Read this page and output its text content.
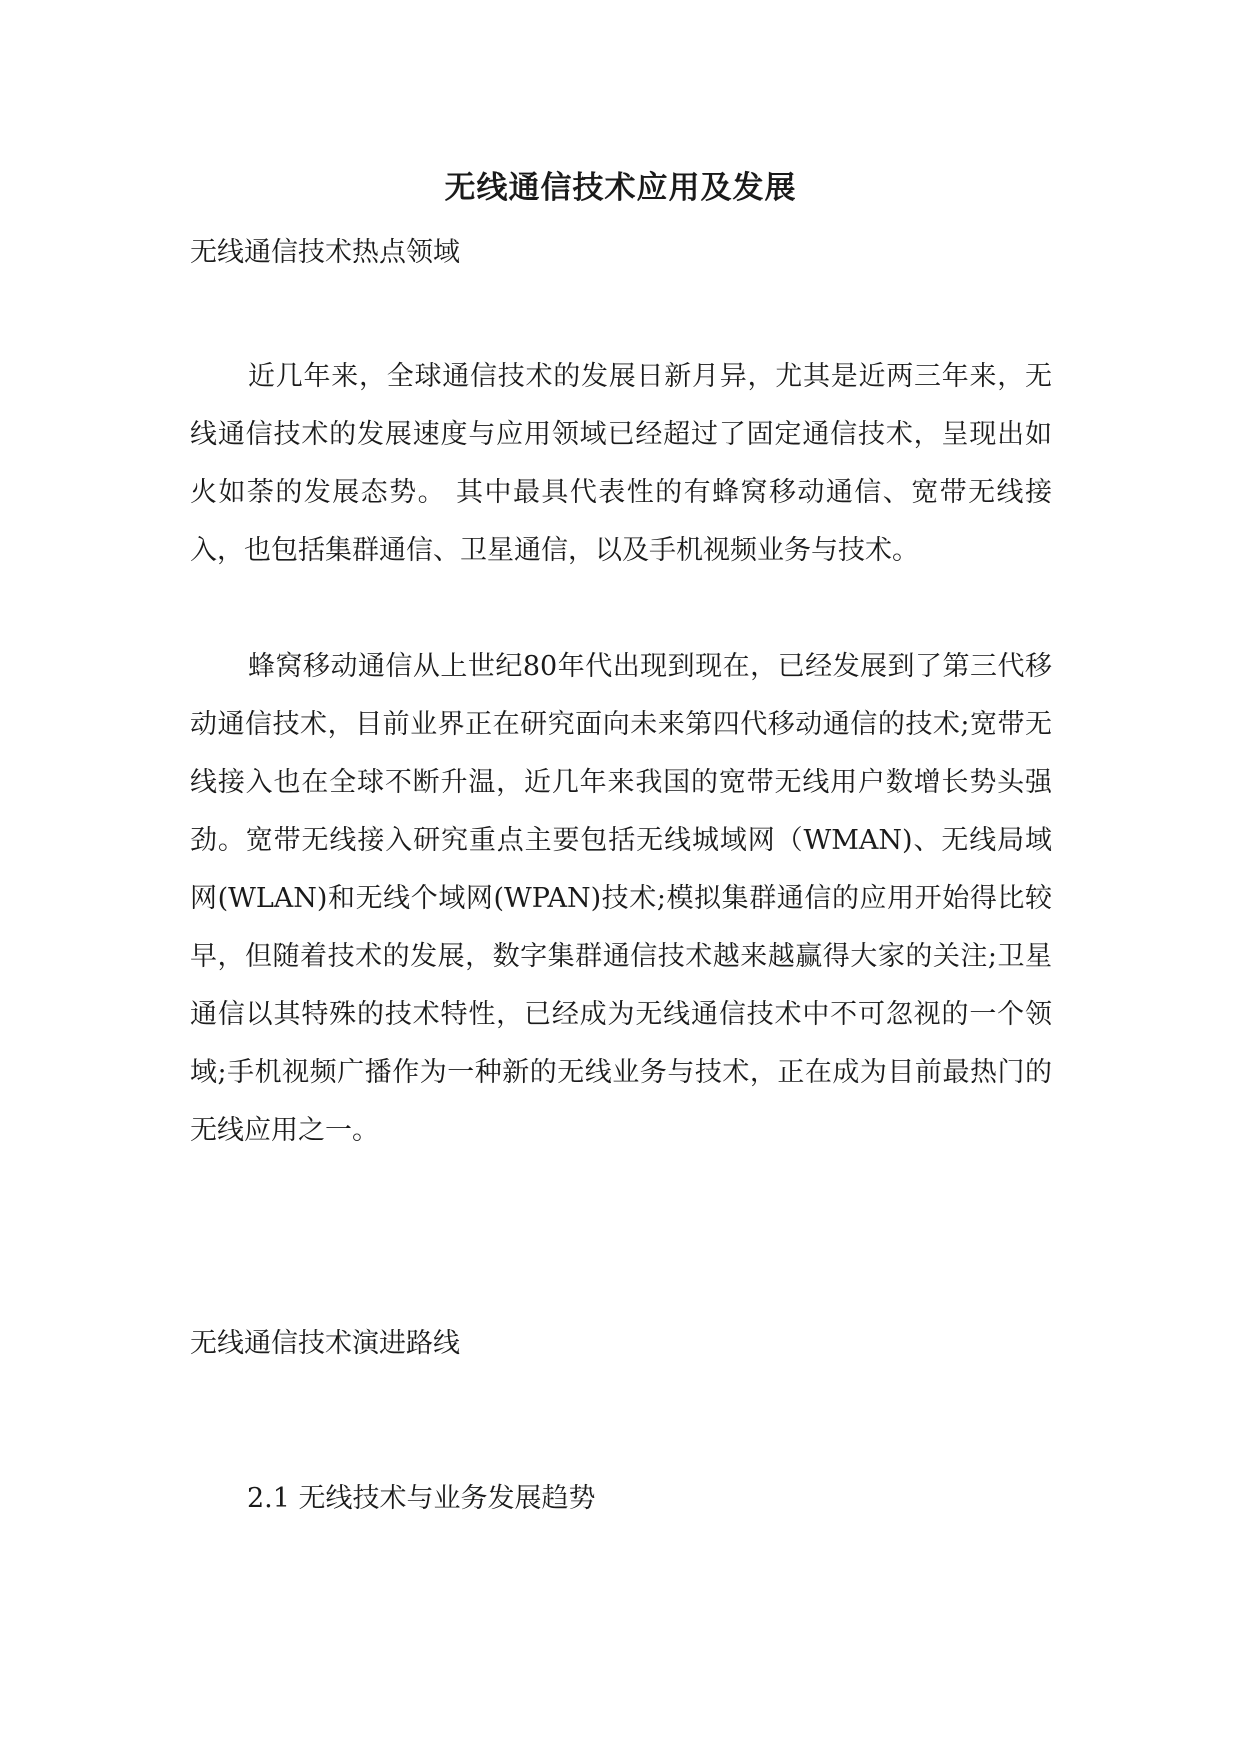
无线通信技术应用及发展
无线通信技术热点领域

近几年来，全球通信技术的发展日新月异，尤其是近两三年来，无线通信技术的发展速度与应用领域已经超过了固定通信技术，呈现出如火如荼的发展态势。 其中最具代表性的有蜂窝移动通信、宽带无线接入，也包括集群通信、卫星通信，以及手机视频业务与技术。

蜂窝移动通信从上世纪80年代出现到现在，已经发展到了第三代移动通信技术，目前业界正在研究面向未来第四代移动通信的技术;宽带无线接入也在全球不断升温，近几年来我国的宽带无线用户数增长势头强劲。宽带无线接入研究重点主要包括无线城域网（WMAN)、无线局域网(WLAN)和无线个域网(WPAN)技术;模拟集群通信的应用开始得比较早，但随着技术的发展，数字集群通信技术越来越赢得大家的关注;卫星通信以其特殊的技术特性，已经成为无线通信技术中不可忽视的一个领域;手机视频广播作为一种新的无线业务与技术，正在成为目前最热门的无线应用之一。

无线通信技术演进路线
2.1 无线技术与业务发展趋势
